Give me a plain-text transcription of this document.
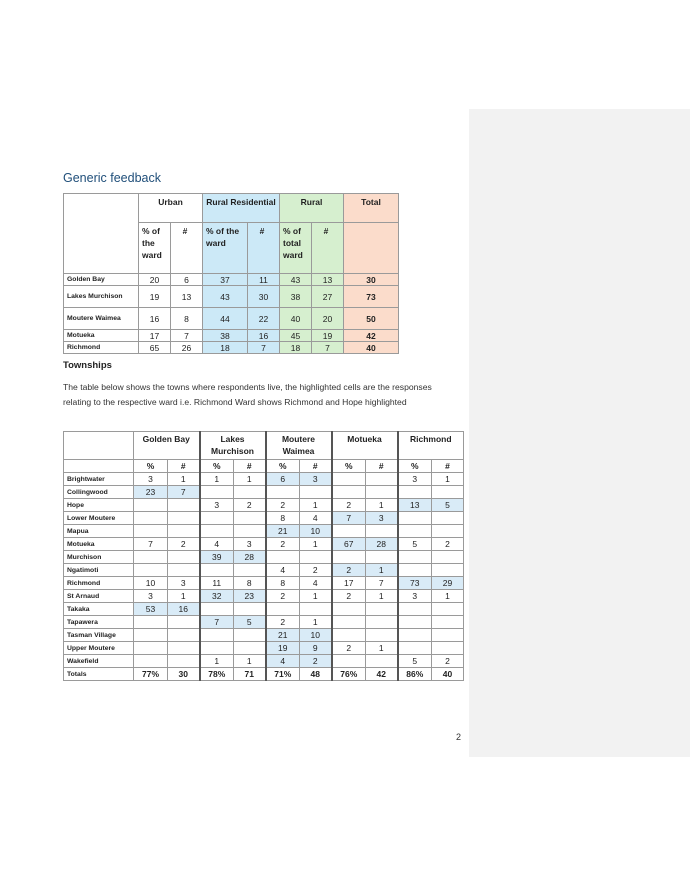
Generic feedback
	Urban		Rural Residential		Rural		Total
	% of the ward	#	% of the ward	#	% of total ward	#	
Golden Bay	20	6	37	11	43	13	30
Lakes Murchison	19	13	43	30	38	27	73
Moutere Waimea	16	8	44	22	40	20	50
Motueka	17	7	38	16	45	19	42
Richmond	65	26	18	7	18	7	40
Townships
The table below shows the towns where respondents live, the highlighted cells are the responses relating to the respective ward i.e. Richmond Ward shows Richmond and Hope highlighted
	Golden Bay		Lakes Murchison		Moutere Waimea		Motueka		Richmond	
	%	#	%	#	%	#	%	#	%	#
Brightwater	3	1	1	1	6	3			3	1
Collingwood	23	7								
Hope			3	2	2	1	2	1	13	5
Lower Moutere					8	4	7	3		
Mapua					21	10				
Motueka	7	2	4	3	2	1	67	28	5	2
Murchison			39	28						
Ngatimoti					4	2	2	1		
Richmond	10	3	11	8	8	4	17	7	73	29
St Arnaud	3	1	32	23	2	1	2	1	3	1
Takaka	53	16								
Tapawera			7	5	2	1				
Tasman Village					21	10				
Upper Moutere					19	9	2	1		
Wakefield			1	1	4	2			5	2
Totals	77%	30	78%	71	71%	48	76%	42	86%	40
2
